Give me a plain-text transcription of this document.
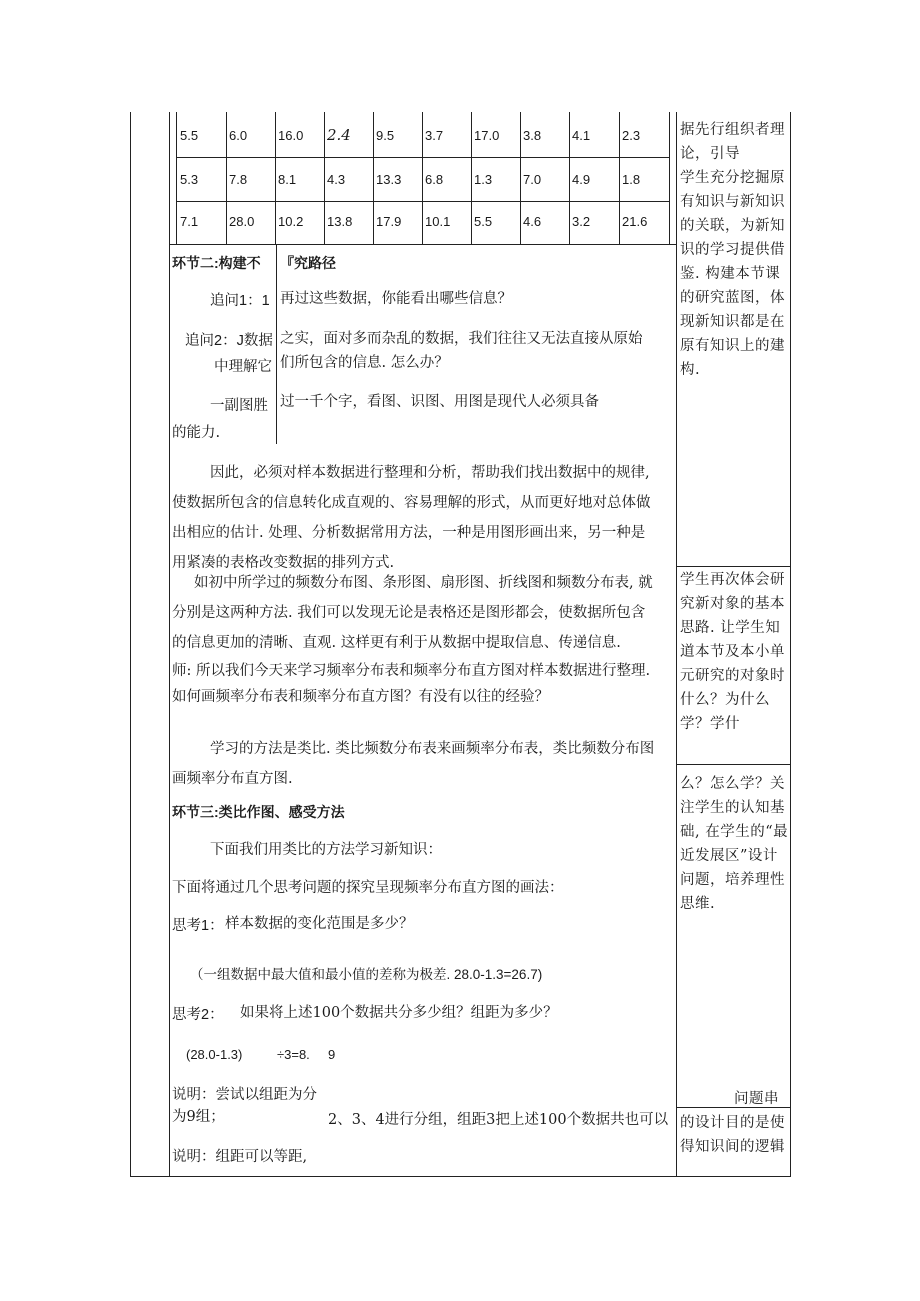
5.5 6.0 16.0 2.4 9.5 3.7 17.0 3.8 4.1 2.3
5.3 7.8 8.1 4.3 13.3 6.8 1.3 7.0 4.9 1.8
7.1 28.0 10.2 13.8 17.9 10.1 5.5 4.6 3.2 21.6
环节二:构建不 『究路径
追问1：1 再过这些数据，你能看出哪些信息？
追问2：J数据
中理解它
之实，面对多而杂乱的数据，我们往往又无法直接从原始
们所包含的信息. 怎么办？
一副图胜 过一千个字，看图、识图、用图是现代人必须具备
的能力.
因此，必须对样本数据进行整理和分析，帮助我们找出数据中的规律,
使数据所包含的信息转化成直观的、容易理解的形式，从而更好地对总体做
出相应的估计. 处理、分析数据常用方法，一种是用图形画出来，另一种是
用紧凑的表格改变数据的排列方式.
如初中所学过的频数分布图、条形图、扇形图、折线图和频数分布表, 就
分别是这两种方法. 我们可以发现无论是表格还是图形都会，使数据所包含
的信息更加的清晰、直观. 这样更有利于从数据中提取信息、传递信息.
师: 所以我们今天来学习频率分布表和频率分布直方图对样本数据进行整理.
如何画频率分布表和频率分布直方图？有没有以往的经验？
学习的方法是类比. 类比频数分布表来画频率分布表，类比频数分布图
画频率分布直方图.
环节三:类比作图、感受方法
下面我们用类比的方法学习新知识：
下面将通过几个思考问题的探究呈现频率分布直方图的画法：
思考1： 样本数据的变化范围是多少？
（一组数据中最大值和最小值的差称为极差. 28.0-1.3=26.7)
思考2： 如果将上述100个数据共分多少组？组距为多少？
(28.0-1.3)	÷3=8. 9
说明：尝试以组距为分
为9组；	2、3、4进行分组，组距3把上述100个数据共也可以
说明：组距可以等距,
据先行组织者理
论，引导
学生充分挖掘原
有知识与新知识
的关联，为新知
识的学习提供借
鉴. 构建本节课
的研究蓝图，体
现新知识都是在
原有知识上的建
构.
学生再次体会研
究新对象的基本
思路. 让学生知
道本节及本小单
元研究的对象时
什么？为什么
学？学什
么？怎么学？关
注学生的认知基
础, 在学生的“最
近发展区”设计
问题，培养理性
思维.
问题串
的设计目的是使
得知识间的逻辑
